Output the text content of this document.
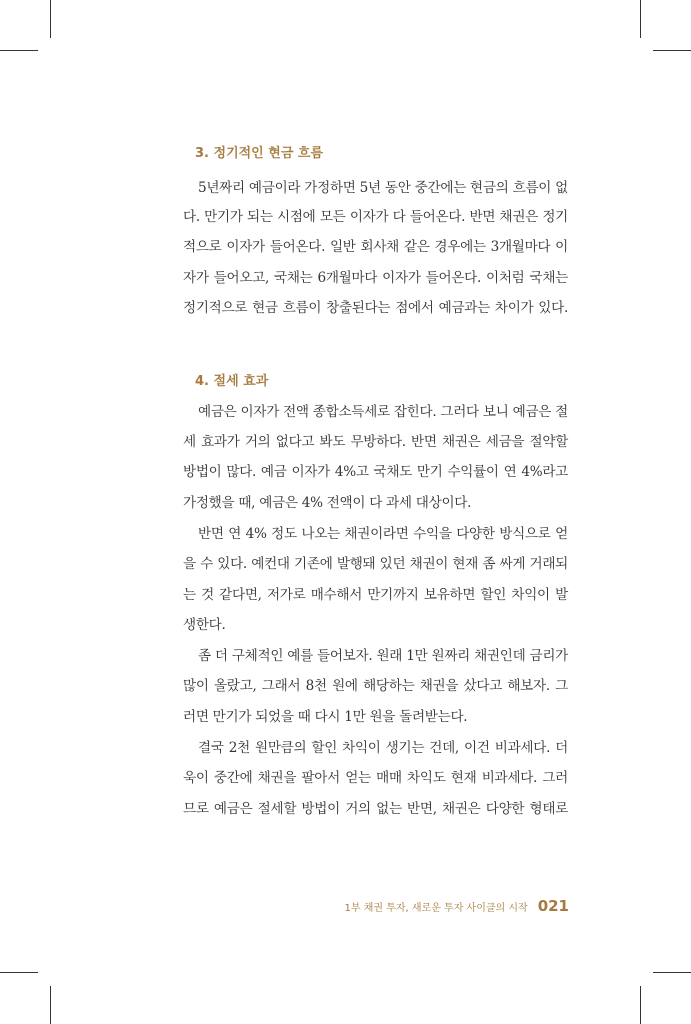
3. 정기적인 현금 흐름
5년짜리 예금이라 가정하면 5년 동안 중간에는 현금의 흐름이 없
다. 만기가 되는 시점에 모든 이자가 다 들어온다. 반면 채권은 정기
적으로 이자가 들어온다. 일반 회사채 같은 경우에는 3개월마다 이
자가 들어오고, 국채는 6개월마다 이자가 들어온다. 이처럼 국채는
정기적으로 현금 흐름이 창출된다는 점에서 예금과는 차이가 있다.
4. 절세 효과
예금은 이자가 전액 종합소득세로 잡힌다. 그러다 보니 예금은 절
세 효과가 거의 없다고 봐도 무방하다. 반면 채권은 세금을 절약할
방법이 많다. 예금 이자가 4%고 국채도 만기 수익률이 연 4%라고
가정했을 때, 예금은 4% 전액이 다 과세 대상이다.
반면 연 4% 정도 나오는 채권이라면 수익을 다양한 방식으로 얻
을 수 있다. 예컨대 기존에 발행돼 있던 채권이 현재 좀 싸게 거래되
는 것 같다면, 저가로 매수해서 만기까지 보유하면 할인 차익이 발
생한다.
좀 더 구체적인 예를 들어보자. 원래 1만 원짜리 채권인데 금리가
많이 올랐고, 그래서 8천 원에 해당하는 채권을 샀다고 해보자. 그
러면 만기가 되었을 때 다시 1만 원을 돌려받는다.
결국 2천 원만큼의 할인 차익이 생기는 건데, 이건 비과세다. 더
욱이 중간에 채권을 팔아서 얻는 매매 차익도 현재 비과세다. 그러
므로 예금은 절세할 방법이 거의 없는 반면, 채권은 다양한 형태로
1부 채권 투자, 새로운 투자 사이클의 시작 021
